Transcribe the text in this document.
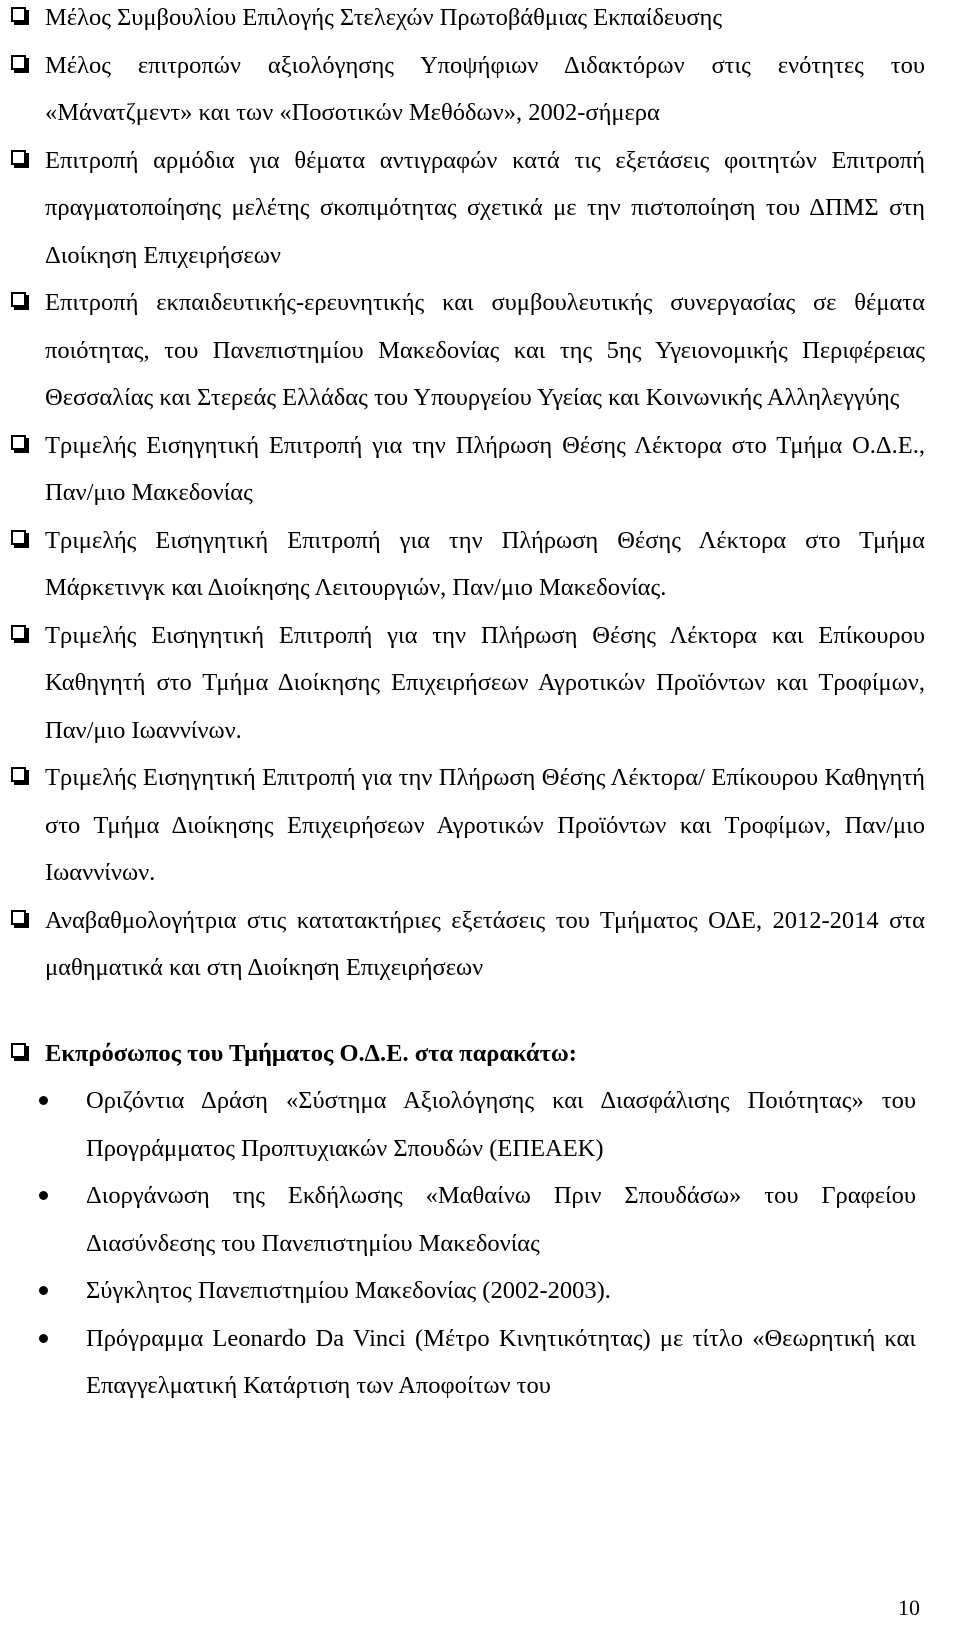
Μέλος Συμβουλίου Επιλογής Στελεχών Πρωτοβάθμιας Εκπαίδευσης
Μέλος επιτροπών αξιολόγησης Υποψήφιων Διδακτόρων στις ενότητες του «Μάνατζμεντ» και των «Ποσοτικών Μεθόδων», 2002-σήμερα
Επιτροπή αρμόδια για θέματα αντιγραφών κατά τις εξετάσεις φοιτητών Επιτροπή πραγματοποίησης μελέτης σκοπιμότητας σχετικά με την πιστοποίηση του ΔΠΜΣ στη Διοίκηση Επιχειρήσεων
Επιτροπή εκπαιδευτικής-ερευνητικής και συμβουλευτικής συνεργασίας σε θέματα ποιότητας, του Πανεπιστημίου Μακεδονίας και της 5ης Υγειονομικής Περιφέρειας Θεσσαλίας και Στερεάς Ελλάδας του Υπουργείου Υγείας και Κοινωνικής Αλληλεγγύης
Τριμελής Εισηγητική Επιτροπή για την Πλήρωση Θέσης Λέκτορα στο Τμήμα Ο.Δ.Ε., Παν/μιο Μακεδονίας
Τριμελής Εισηγητική Επιτροπή για την Πλήρωση Θέσης Λέκτορα στο Τμήμα Μάρκετινγκ και Διοίκησης Λειτουργιών, Παν/μιο Μακεδονίας.
Τριμελής Εισηγητική Επιτροπή για την Πλήρωση Θέσης Λέκτορα και Επίκουρου Καθηγητή στο Τμήμα Διοίκησης Επιχειρήσεων Αγροτικών Προϊόντων και Τροφίμων, Παν/μιο Ιωαννίνων.
Τριμελής Εισηγητική Επιτροπή για την Πλήρωση Θέσης Λέκτορα/ Επίκουρου Καθηγητή στο Τμήμα Διοίκησης Επιχειρήσεων Αγροτικών Προϊόντων και Τροφίμων, Παν/μιο Ιωαννίνων.
Αναβαθμολογήτρια στις κατατακτήριες εξετάσεις του Τμήματος ΟΔΕ, 2012-2014 στα μαθηματικά και στη Διοίκηση Επιχειρήσεων
Εκπρόσωπος του Τμήματος Ο.Δ.Ε. στα παρακάτω:
Οριζόντια Δράση «Σύστημα Αξιολόγησης και Διασφάλισης Ποιότητας» του Προγράμματος Προπτυχιακών Σπουδών (ΕΠΕΑΕΚ)
Διοργάνωση της Εκδήλωσης «Μαθαίνω Πριν Σπουδάσω» του Γραφείου Διασύνδεσης του Πανεπιστημίου Μακεδονίας
Σύγκλητος Πανεπιστημίου Μακεδονίας (2002-2003).
Πρόγραμμα Leonardo Da Vinci (Μέτρο Κινητικότητας) με τίτλο «Θεωρητική και Επαγγελματική Κατάρτιση των Αποφοίτων του
10
